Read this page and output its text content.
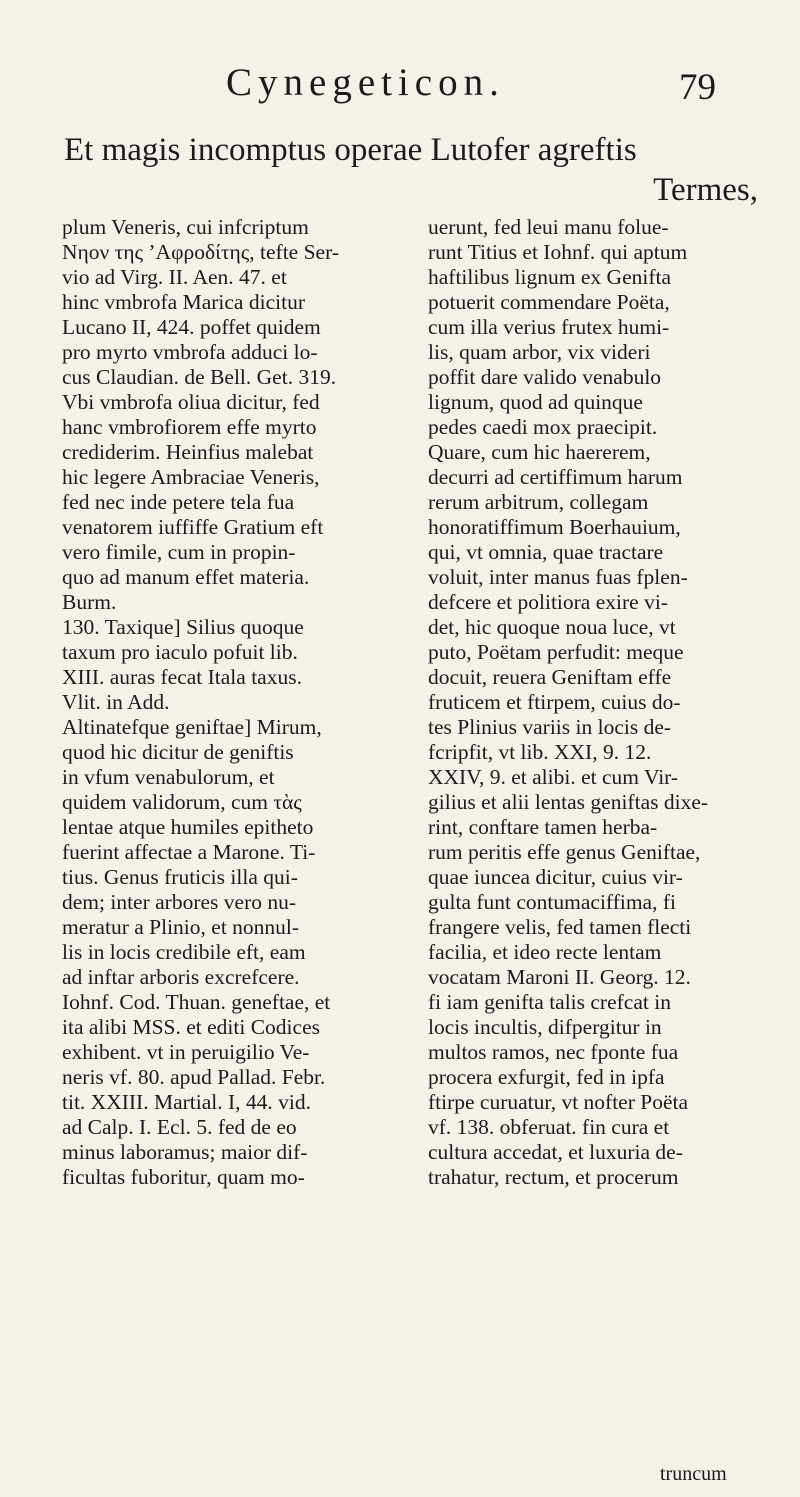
Cynegeticon.	79
Et magis incomptus operae Lutofer agreftis
Termes,
plum Veneris, cui infcriptum
Νηον της ’Αφροδίτης, tefte Ser-
vio ad Virg. II. Aen. 47. et
hinc vmbrofa Marica dicitur
Lucano II, 424. poffet quidem
pro myrto vmbrofa adduci lo-
cus Claudian. de Bell. Get. 319.
Vbi vmbrofa oliua dicitur, fed
hanc vmbrofiorem effe myrto
crediderim. Heinfius malebat
hic legere Ambraciae Veneris,
fed nec inde petere tela fua
venatorem iuffiffe Gratium eft
vero fimile, cum in propin-
quo ad manum effet materia.
Burm.
130. Taxique] Silius quoque
taxum pro iaculo pofuit lib.
XIII. auras fecat Itala taxus.
Vlit. in Add.
Altinatefque geniftae] Mirum,
quod hic dicitur de geniftis
in vfum venabulorum, et
quidem validorum, cum τὰς
lentae atque humiles epitheto
fuerint affectae a Marone. Ti-
tius. Genus fruticis illa qui-
dem; inter arbores vero nu-
meratur a Plinio, et nonnul-
lis in locis credibile eft, eam
ad inftar arboris excrefcere.
Iohnf. Cod. Thuan. geneftae, et
ita alibi MSS. et editi Codices
exhibent. vt in peruigilio Ve-
neris vf. 80. apud Pallad. Febr.
tit. XXIII. Martial. I, 44. vid.
ad Calp. I. Ecl. 5. fed de eo
minus laboramus; maior dif-
ficultas fuboritur, quam mo-
uerunt, fed leui manu folue-
runt Titius et Iohnf. qui aptum
haftilibus lignum ex Genifta
potuerit commendare Poëta,
cum illa verius frutex humi-
lis, quam arbor, vix videri
poffit dare valido venabulo
lignum, quod ad quinque
pedes caedi mox praecipit.
Quare, cum hic haererem,
decurri ad certiffimum harum
rerum arbitrum, collegam
honoratiffimum Boerhauium,
qui, vt omnia, quae tractare
voluit, inter manus fuas fplen-
defcere et politiora exire vi-
det, hic quoque noua luce, vt
puto, Poëtam perfudit: meque
docuit, reuera Geniftam effe
fruticem et ftirpem, cuius do-
tes Plinius variis in locis de-
fcripfit, vt lib. XXI, 9. 12.
XXIV, 9. et alibi. et cum Vir-
gilius et alii lentas geniftas dixe-
rint, conftare tamen herba-
rum peritis effe genus Geniftae,
quae iuncea dicitur, cuius vir-
gulta funt contumaciffima, fi
frangere velis, fed tamen flecti
facilia, et ideo recte lentam
vocatam Maroni II. Georg. 12.
fi iam genifta talis crefcat in
locis incultis, difpergitur in
multos ramos, nec fponte fua
procera exfurgit, fed in ipfa
ftirpe curuatur, vt nofter Poëta
vf. 138. obferuat. fin cura et
cultura accedat, et luxuria de-
trahatur, rectum, et procerum
truncum
